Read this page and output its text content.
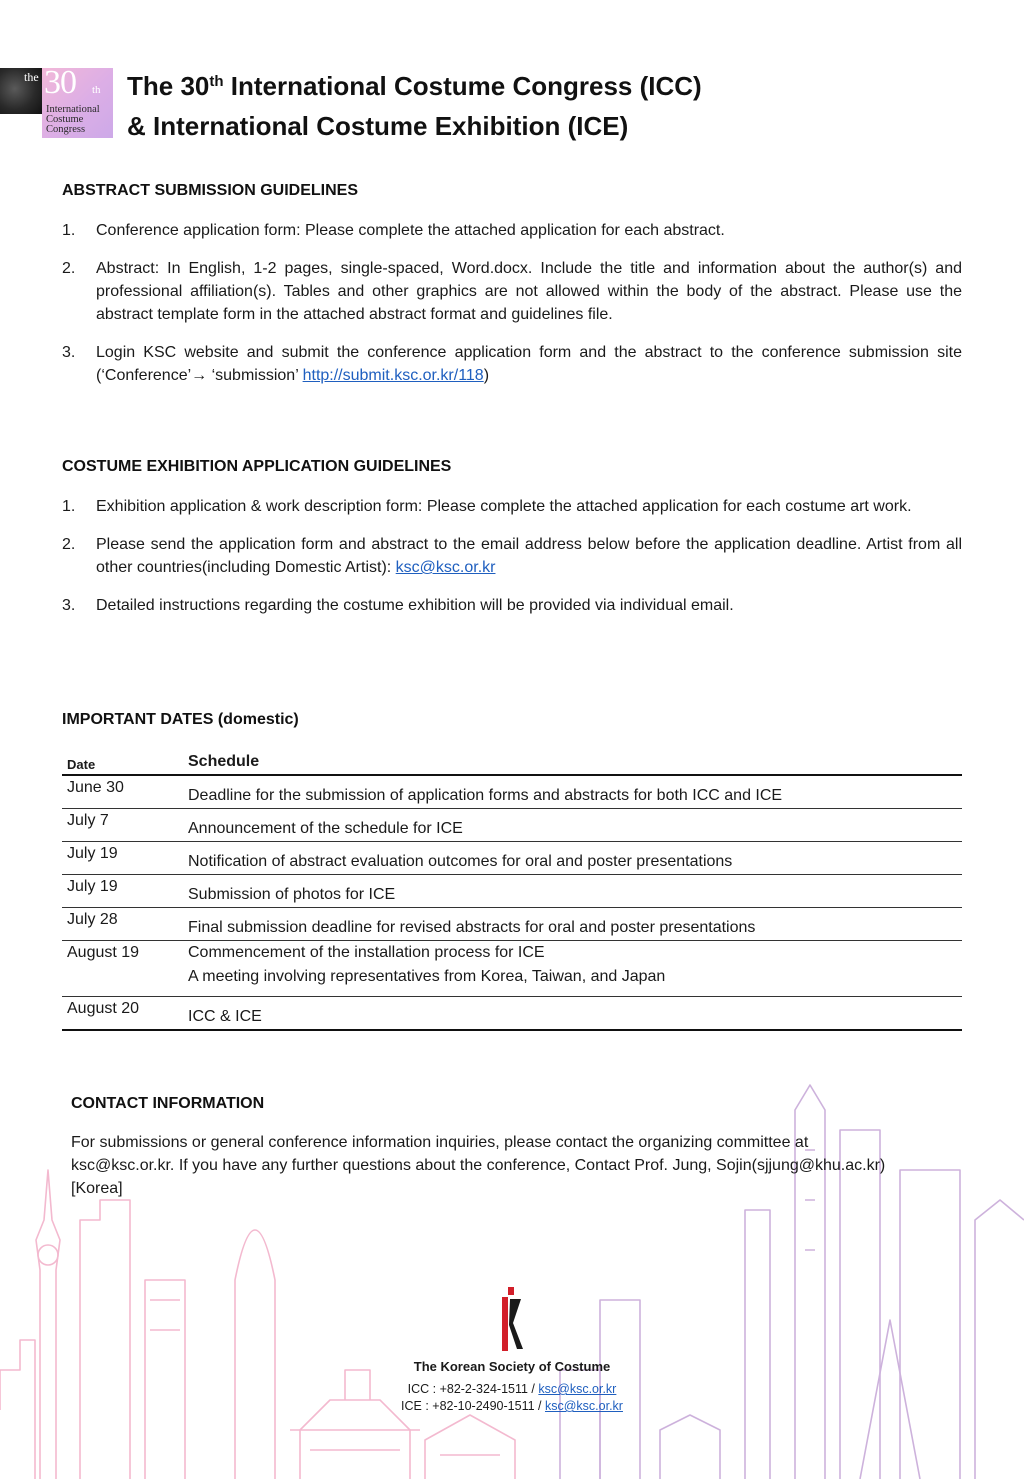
the 30 th
International
Costume
Congress
The 30th International Costume Congress (ICC)
& International Costume Exhibition (ICE)
ABSTRACT SUBMISSION GUIDELINES
1. Conference application form: Please complete the attached application for each abstract.
2. Abstract: In English, 1-2 pages, single-spaced, Word.docx. Include the title and information about the author(s) and professional affiliation(s). Tables and other graphics are not allowed within the body of the abstract. Please use the abstract template form in the attached abstract format and guidelines file.
3. Login KSC website and submit the conference application form and the abstract to the conference submission site (‘Conference’→ ‘submission’ http://submit.ksc.or.kr/118)
COSTUME EXHIBITION APPLICATION GUIDELINES
1. Exhibition application & work description form: Please complete the attached application for each costume art work.
2. Please send the application form and abstract to the email address below before the application deadline. Artist from all other countries(including Domestic Artist): ksc@ksc.or.kr
3. Detailed instructions regarding the costume exhibition will be provided via individual email.
IMPORTANT DATES (domestic)
Date	Schedule
June 30	Deadline for the submission of application forms and abstracts for both ICC and ICE
July 7	Announcement of the schedule for ICE
July 19	Notification of abstract evaluation outcomes for oral and poster presentations
July 19	Submission of photos for ICE
July 28	Final submission deadline for revised abstracts for oral and poster presentations
August 19	Commencement of the installation process for ICE
A meeting involving representatives from Korea, Taiwan, and Japan
August 20	ICC & ICE
CONTACT INFORMATION

For submissions or general conference information inquiries, please contact the organizing committee at ksc@ksc.or.kr. If you have any further questions about the conference, Contact Prof. Jung, Sojin(sjjung@khu.ac.kr)[Korea]

The Korean Society of Costume
ICC : +82-2-324-1511 / ksc@ksc.or.kr
ICE : +82-10-2490-1511 / ksc@ksc.or.kr
